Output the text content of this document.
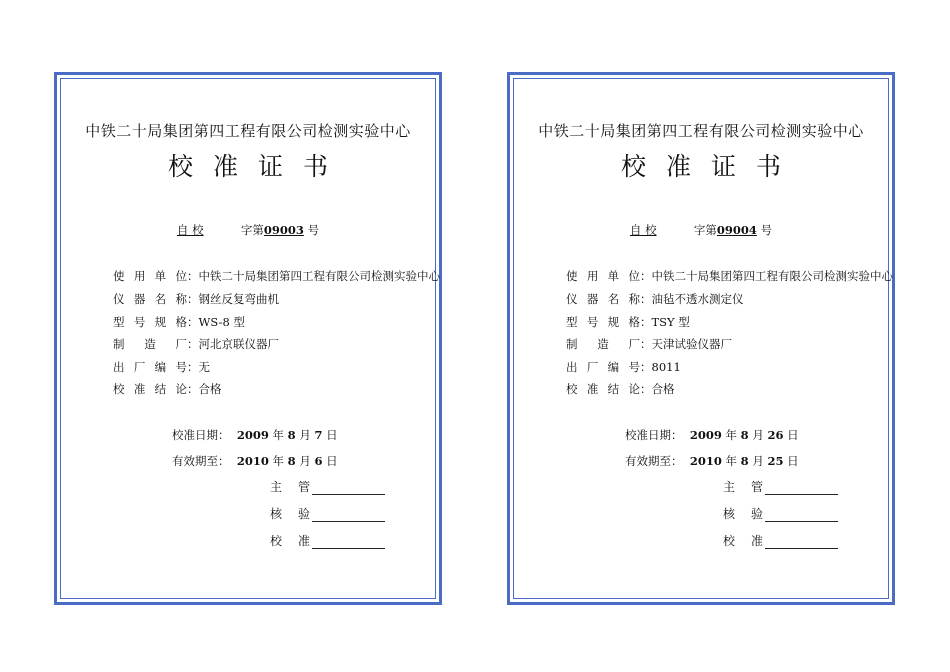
中铁二十局集团第四工程有限公司检测实验中心
校准证书
自 校	字第09003 号
使用单位：中铁二十局集团第四工程有限公司检测实验中心
仪器名称：钢丝反复弯曲机
型号规格：WS-8 型
制造厂：河北京联仪器厂
出厂编号：无
校准结论：合格
校准日期： 2009 年 8 月 7 日
有效期至： 2010 年 8 月 6 日
主 管
核 验
校 准
中铁二十局集团第四工程有限公司检测实验中心
校准证书
自 校	字第09004 号
使用单位：中铁二十局集团第四工程有限公司检测实验中心
仪器名称：油毡不透水测定仪
型号规格：TSY 型
制造厂：天津试验仪器厂
出厂编号：8011
校准结论：合格
校准日期： 2009 年 8 月 26 日
有效期至： 2010 年 8 月 25 日
主 管
核 验
校 准
